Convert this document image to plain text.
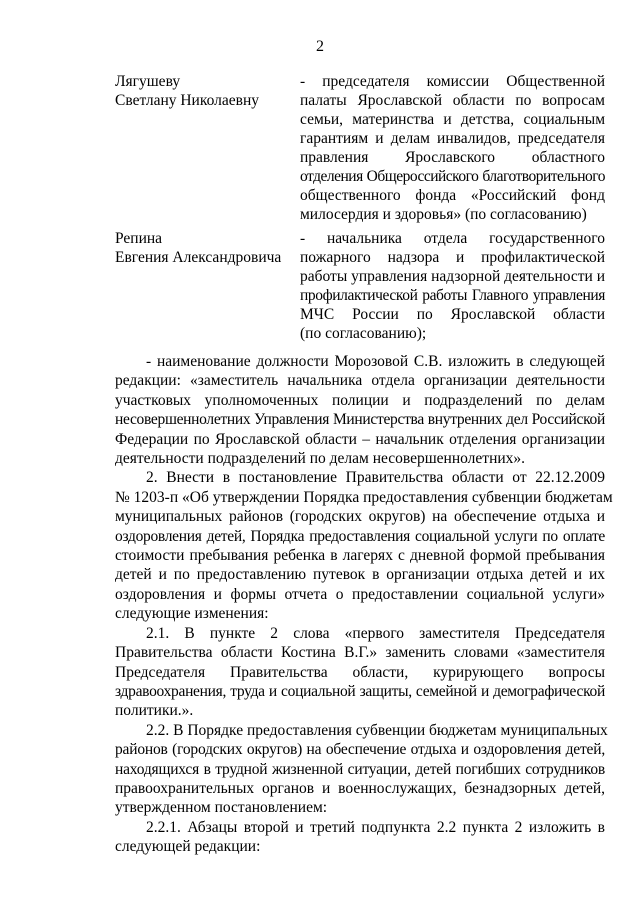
2
Лягушеву
Светлану Николаевну
- председателя комиссии Общественной
палаты Ярославской области по вопросам
семьи, материнства и детства, социальным
гарантиям и делам инвалидов, председателя
правления Ярославского областного
отделения Общероссийского благотворительного
общественного фонда «Российский фонд
милосердия и здоровья» (по согласованию)
Репина
Евгения Александровича
- начальника отдела государственного
пожарного надзора и профилактической
работы управления надзорной деятельности и
профилактической работы Главного управления
МЧС России по Ярославской области
(по согласованию);
- наименование должности Морозовой С.В. изложить в следующей
редакции: «заместитель начальника отдела организации деятельности
участковых уполномоченных полиции и подразделений по делам
несовершеннолетних Управления Министерства внутренних дел Российской
Федерации по Ярославской области – начальник отделения организации
деятельности подразделений по делам несовершеннолетних».
2. Внести в постановление Правительства области от 22.12.2009
№ 1203-п «Об утверждении Порядка предоставления субвенции бюджетам
муниципальных районов (городских округов) на обеспечение отдыха и
оздоровления детей, Порядка предоставления социальной услуги по оплате
стоимости пребывания ребенка в лагерях с дневной формой пребывания
детей и по предоставлению путевок в организации отдыха детей и их
оздоровления и формы отчета о предоставлении социальной услуги»
следующие изменения:
2.1. В пункте 2 слова «первого заместителя Председателя
Правительства области Костина В.Г.» заменить словами «заместителя
Председателя Правительства области, курирующего вопросы
здравоохранения, труда и социальной защиты, семейной и демографической
политики.».
2.2. В Порядке предоставления субвенции бюджетам муниципальных
районов (городских округов) на обеспечение отдыха и оздоровления детей,
находящихся в трудной жизненной ситуации, детей погибших сотрудников
правоохранительных органов и военнослужащих, безнадзорных детей,
утвержденном постановлением:
2.2.1. Абзацы второй и третий подпункта 2.2 пункта 2 изложить в
следующей редакции:
